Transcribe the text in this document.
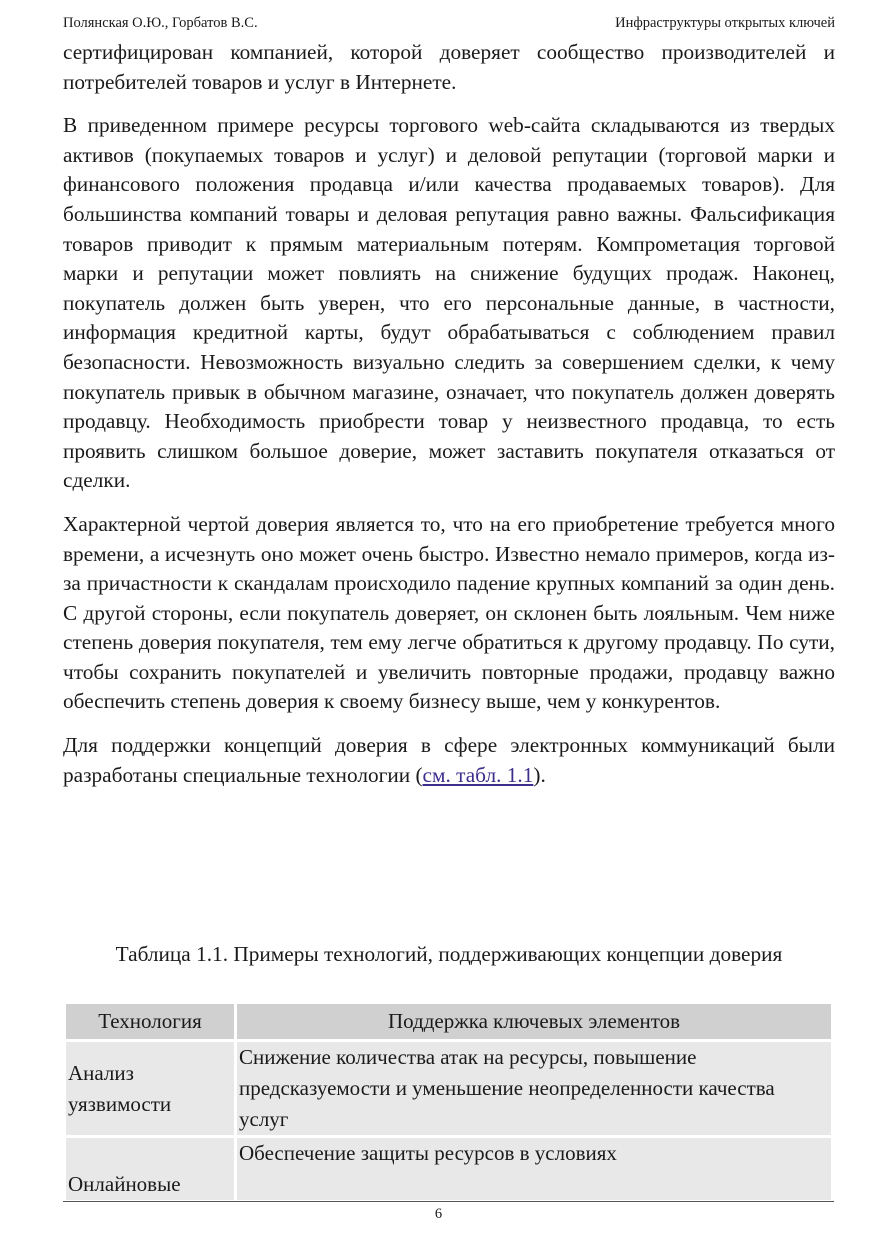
Полянская О.Ю., Горбатов В.С.	Инфраструктуры открытых ключей

сертифицирован компанией, которой доверяет сообщество производителей и потребителей товаров и услуг в Интернете.

В приведенном примере ресурсы торгового web-сайта складываются из твердых активов (покупаемых товаров и услуг) и деловой репутации (торговой марки и финансового положения продавца и/или качества продаваемых товаров). Для большинства компаний товары и деловая репутация равно важны. Фальсификация товаров приводит к прямым материальным потерям. Компрометация торговой марки и репутации может повлиять на снижение будущих продаж. Наконец, покупатель должен быть уверен, что его персональные данные, в частности, информация кредитной карты, будут обрабатываться с соблюдением правил безопасности. Невозможность визуально следить за совершением сделки, к чему покупатель привык в обычном магазине, означает, что покупатель должен доверять продавцу. Необходимость приобрести товар у неизвестного продавца, то есть проявить слишком большое доверие, может заставить покупателя отказаться от сделки.

Характерной чертой доверия является то, что на его приобретение требуется много времени, а исчезнуть оно может очень быстро. Известно немало примеров, когда из-за причастности к скандалам происходило падение крупных компаний за один день. С другой стороны, если покупатель доверяет, он склонен быть лояльным. Чем ниже степень доверия покупателя, тем ему легче обратиться к другому продавцу. По сути, чтобы сохранить покупателей и увеличить повторные продажи, продавцу важно обеспечить степень доверия к своему бизнесу выше, чем у конкурентов.

Для поддержки концепций доверия в сфере электронных коммуникаций были разработаны специальные технологии (см. табл. 1.1).

Таблица 1.1. Примеры технологий, поддерживающих концепции доверия
Технология	Поддержка ключевых элементов
Анализ уязвимости	Снижение количества атак на ресурсы, повышение предсказуемости и уменьшение неопределенности качества услуг
Онлайновые	Обеспечение защиты ресурсов в условиях
6
